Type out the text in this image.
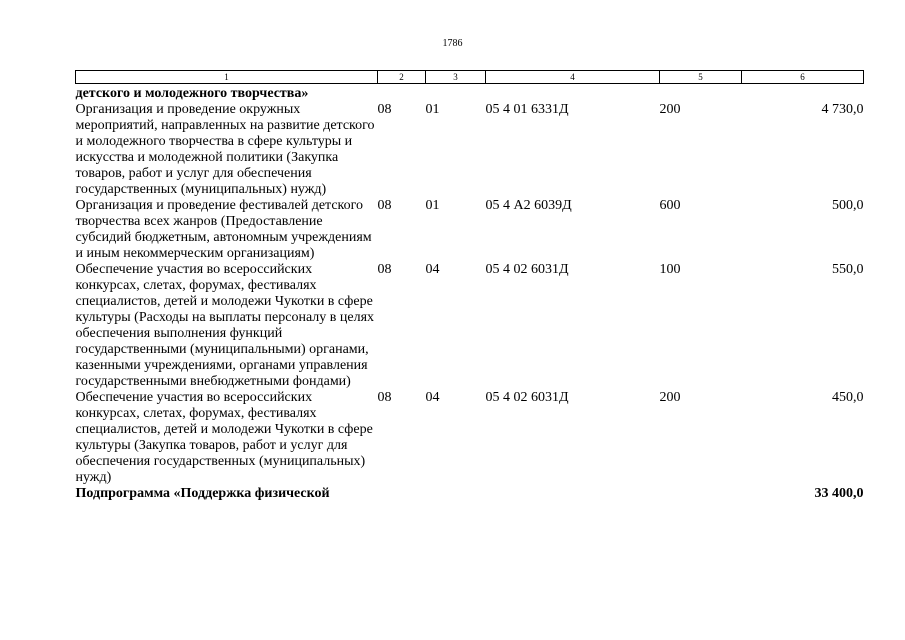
1786
1	2	3	4	5	6
детского и молодежного творчества»					
Организация и проведение окружных мероприятий, направленных на развитие детского и молодежного творчества в сфере культуры и искусства и молодежной политики (Закупка товаров, работ и услуг для обеспечения государственных (муниципальных) нужд)	08	01	05 4 01 6331Д	200	4 730,0
Организация и проведение фестивалей детского творчества всех жанров (Предоставление субсидий бюджетным, автономным учреждениям и иным некоммерческим организациям)	08	01	05 4 А2 6039Д	600	500,0
Обеспечение участия во всероссийских конкурсах, слетах, форумах, фестивалях специалистов, детей и молодежи Чукотки в сфере культуры (Расходы на выплаты персоналу в целях обеспечения выполнения функций государственными (муниципальными) органами, казенными учреждениями, органами управления государственными внебюджетными фондами)	08	04	05 4 02 6031Д	100	550,0
Обеспечение участия во всероссийских конкурсах, слетах, форумах, фестивалях специалистов, детей и молодежи Чукотки в сфере культуры (Закупка товаров, работ и услуг для обеспечения государственных (муниципальных) нужд)	08	04	05 4 02 6031Д	200	450,0
Подпрограмма «Поддержка физической					33 400,0
